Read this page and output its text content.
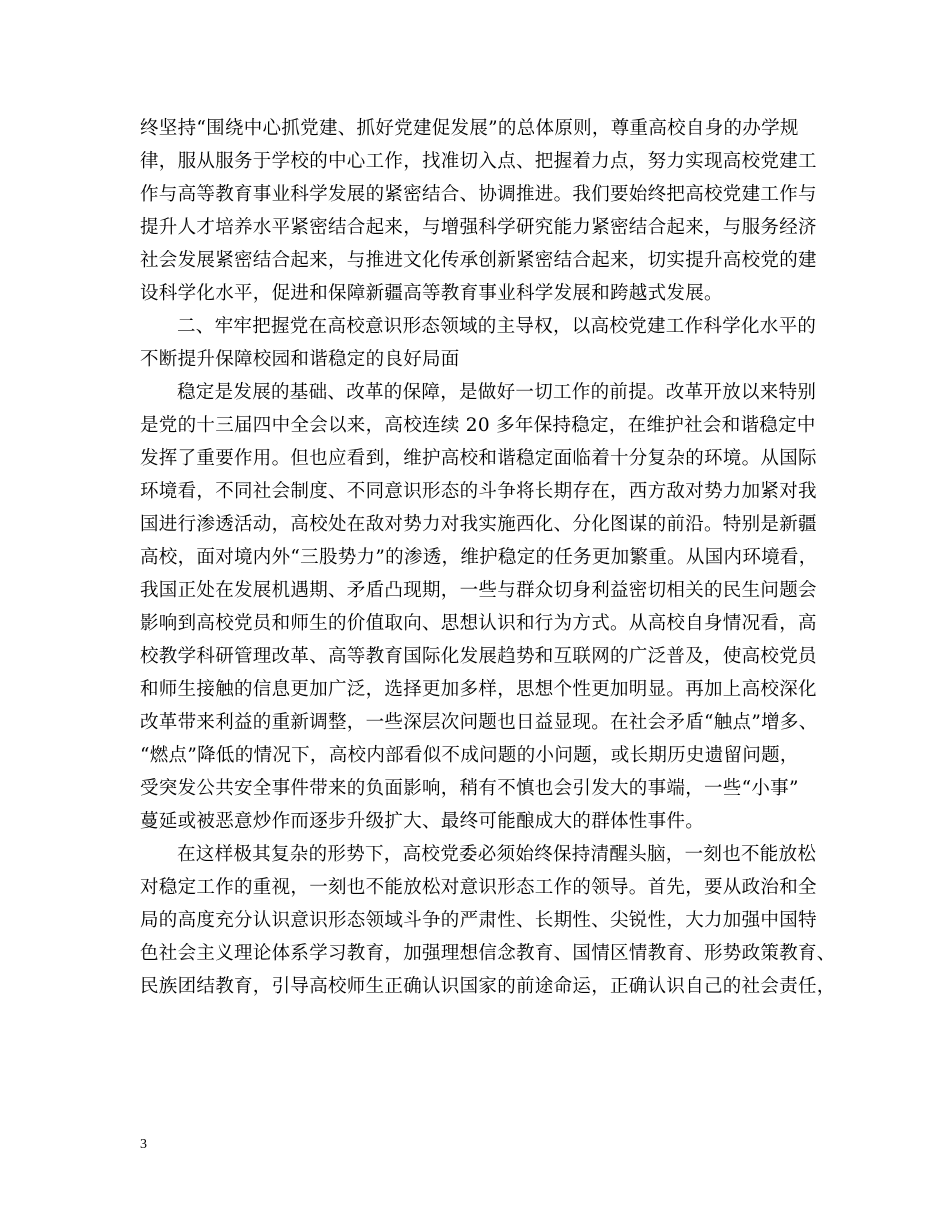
终坚持“围绕中心抓党建、抓好党建促发展”的总体原则，尊重高校自身的办学规
律，服从服务于学校的中心工作，找准切入点、把握着力点，努力实现高校党建工
作与高等教育事业科学发展的紧密结合、协调推进。我们要始终把高校党建工作与
提升人才培养水平紧密结合起来，与增强科学研究能力紧密结合起来，与服务经济
社会发展紧密结合起来，与推进文化传承创新紧密结合起来，切实提升高校党的建
设科学化水平，促进和保障新疆高等教育事业科学发展和跨越式发展。
二、牢牢把握党在高校意识形态领域的主导权，以高校党建工作科学化水平的
不断提升保障校园和谐稳定的良好局面
稳定是发展的基础、改革的保障，是做好一切工作的前提。改革开放以来特别
是党的十三届四中全会以来，高校连续 20 多年保持稳定，在维护社会和谐稳定中
发挥了重要作用。但也应看到，维护高校和谐稳定面临着十分复杂的环境。从国际
环境看，不同社会制度、不同意识形态的斗争将长期存在，西方敌对势力加紧对我
国进行渗透活动，高校处在敌对势力对我实施西化、分化图谋的前沿。特别是新疆
高校，面对境内外“三股势力”的渗透，维护稳定的任务更加繁重。从国内环境看，
我国正处在发展机遇期、矛盾凸现期，一些与群众切身利益密切相关的民生问题会
影响到高校党员和师生的价值取向、思想认识和行为方式。从高校自身情况看，高
校教学科研管理改革、高等教育国际化发展趋势和互联网的广泛普及，使高校党员
和师生接触的信息更加广泛，选择更加多样，思想个性更加明显。再加上高校深化
改革带来利益的重新调整，一些深层次问题也日益显现。在社会矛盾“触点”增多、
“燃点”降低的情况下，高校内部看似不成问题的小问题，或长期历史遗留问题，
受突发公共安全事件带来的负面影响，稍有不慎也会引发大的事端，一些“小事”
蔓延或被恶意炒作而逐步升级扩大、最终可能酿成大的群体性事件。
在这样极其复杂的形势下，高校党委必须始终保持清醒头脑，一刻也不能放松
对稳定工作的重视，一刻也不能放松对意识形态工作的领导。首先，要从政治和全
局的高度充分认识意识形态领域斗争的严肃性、长期性、尖锐性，大力加强中国特
色社会主义理论体系学习教育，加强理想信念教育、国情区情教育、形势政策教育、
民族团结教育，引导高校师生正确认识国家的前途命运，正确认识自己的社会责任，
3
